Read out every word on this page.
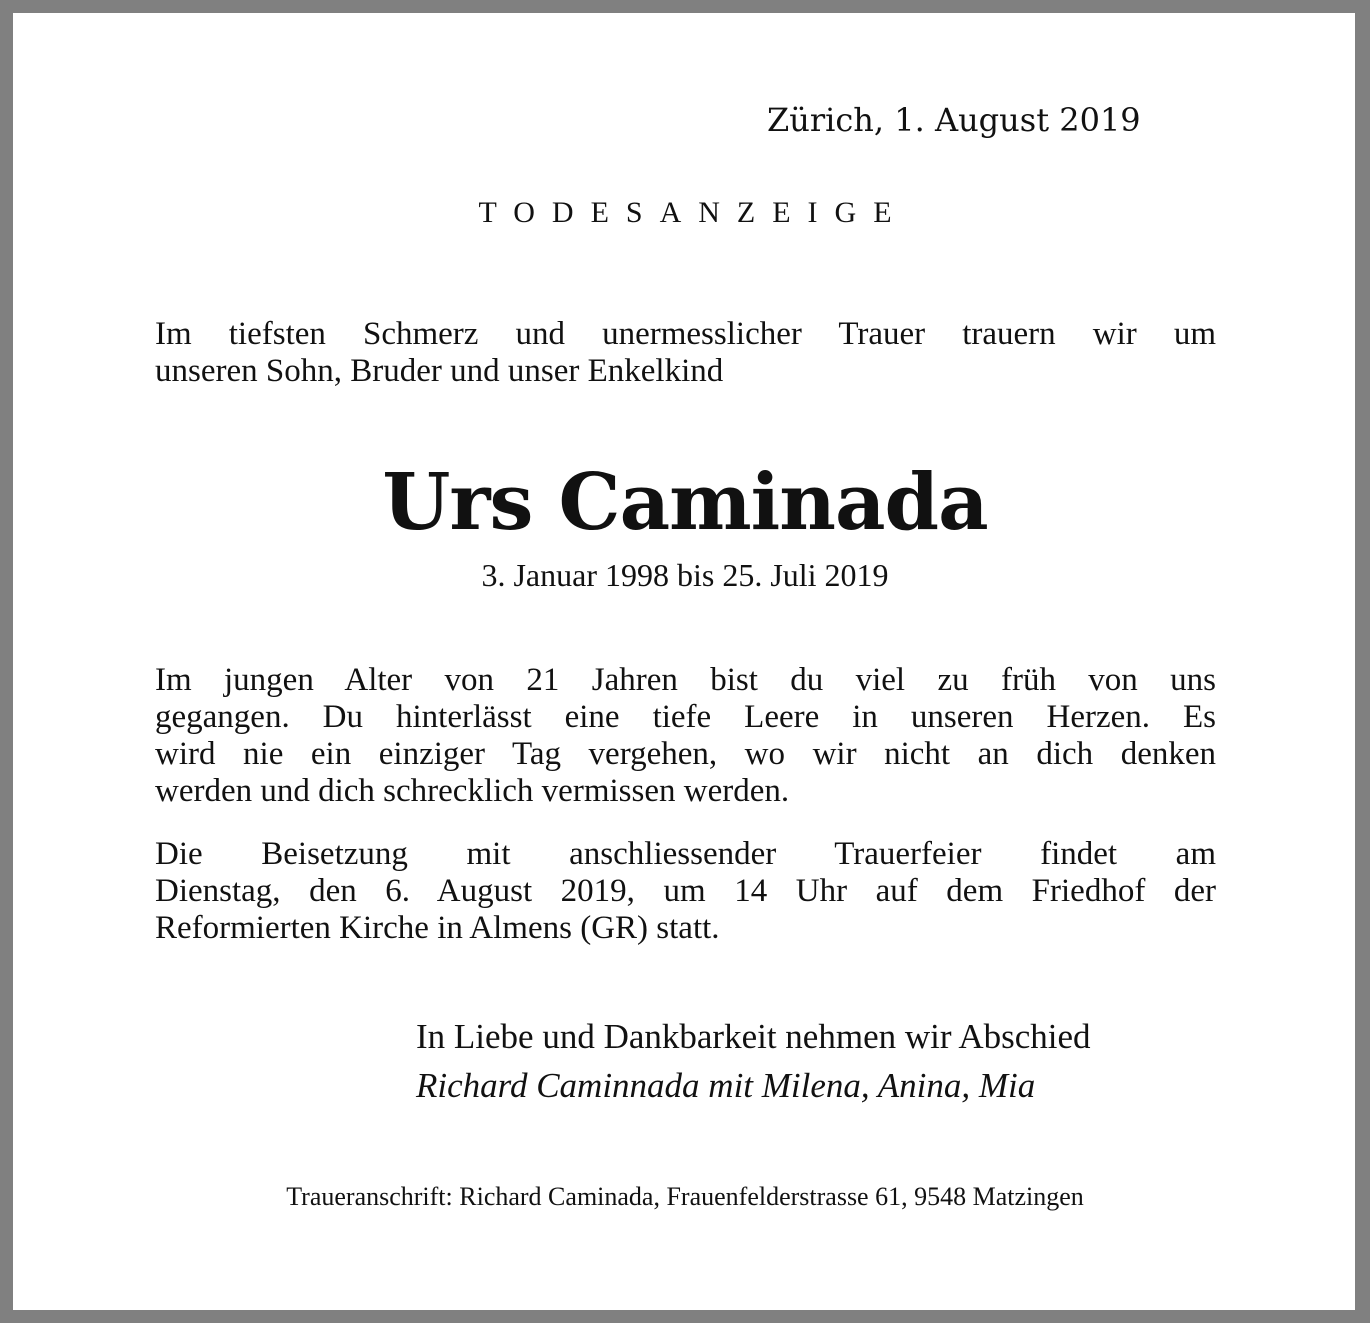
Zürich, 1. August 2019
TODESANZEIGE
Im tiefsten Schmerz und unermesslicher Trauer trauern wir um
unseren Sohn, Bruder und unser Enkelkind
Urs Caminada
3. Januar 1998 bis 25. Juli 2019
Im jungen Alter von 21 Jahren bist du viel zu früh von uns
gegangen. Du hinterlässt eine tiefe Leere in unseren Herzen. Es
wird nie ein einziger Tag vergehen, wo wir nicht an dich denken
werden und dich schrecklich vermissen werden.
Die Beisetzung mit anschliessender Trauerfeier findet am
Dienstag, den 6. August 2019, um 14 Uhr auf dem Friedhof der
Reformierten Kirche in Almens (GR) statt.
In Liebe und Dankbarkeit nehmen wir Abschied
Richard Caminnada mit Milena, Anina, Mia
Traueranschrift: Richard Caminada, Frauenfelderstrasse 61, 9548 Matzingen
